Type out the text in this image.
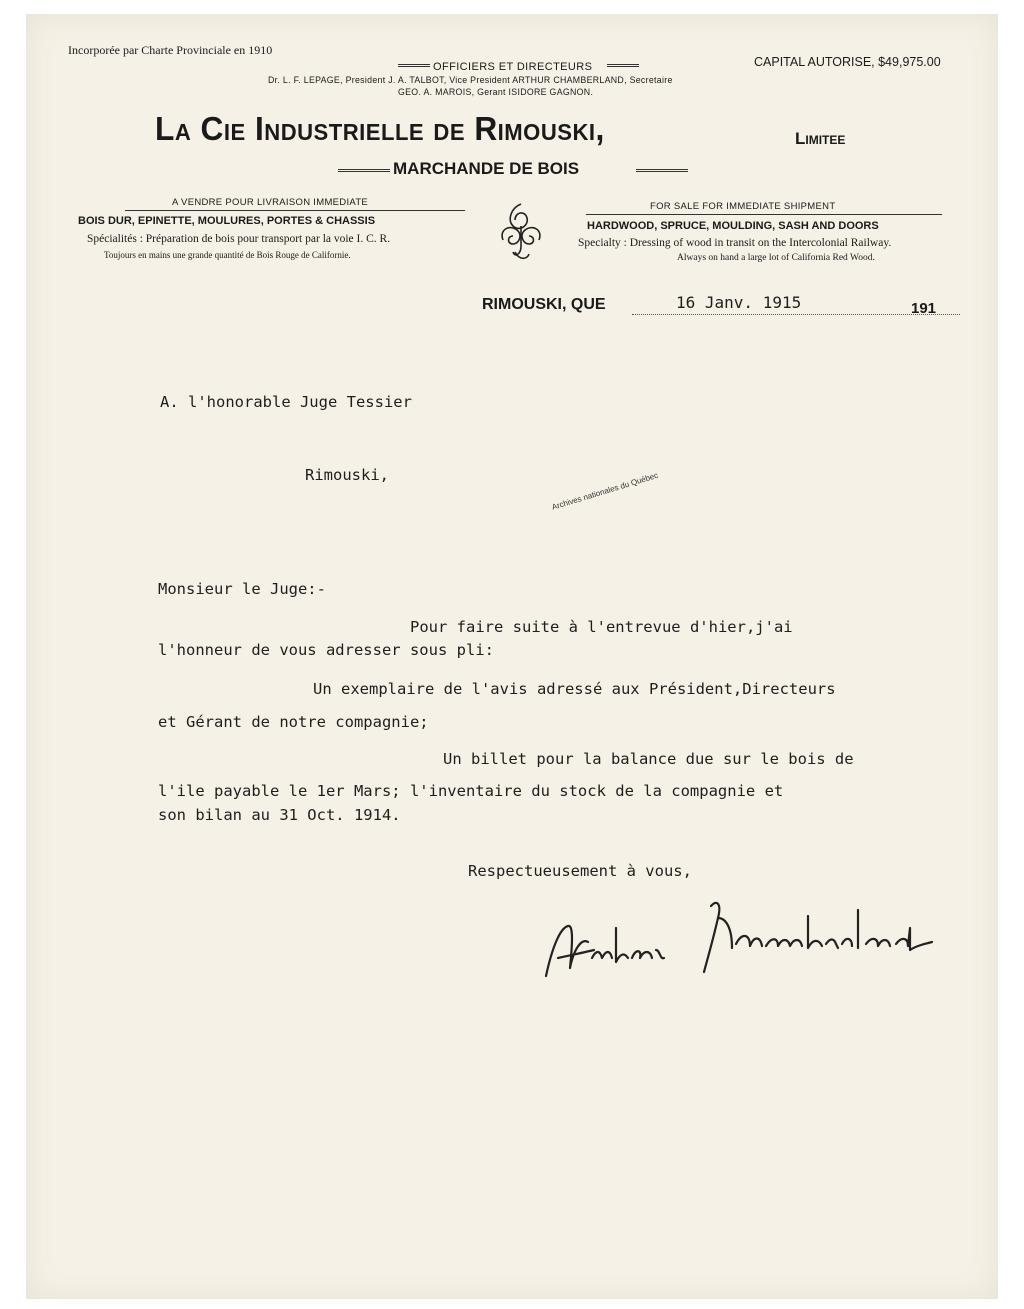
Incorporée par Charte Provinciale en 1910
CAPITAL AUTORISE, $49,975.00
OFFICIERS ET DIRECTEURS
Dr. L. F. LEPAGE, President J. A. TALBOT, Vice President ARTHUR CHAMBERLAND, Secretaire
GEO. A. MAROIS, Gerant ISIDORE GAGNON.
La Cie Industrielle de Rimouski,	Limitee
MARCHANDE DE BOIS
A VENDRE POUR LIVRAISON IMMEDIATE
BOIS DUR, EPINETTE, MOULURES, PORTES & CHASSIS
Spécialités : Préparation de bois pour transport par la voie I. C. R.
Toujours en mains une grande quantité de Bois Rouge de Californie.
FOR SALE FOR IMMEDIATE SHIPMENT
HARDWOOD, SPRUCE, MOULDING, SASH AND DOORS
Specialty : Dressing of wood in transit on the Intercolonial Railway.
Always on hand a large lot of California Red Wood.
RIMOUSKI, QUE	16 Janv. 1915	191
A. l'honorable Juge Tessier
Rimouski,	Archives nationales du Québec
Monsieur le Juge:-
Pour faire suite à l'entrevue d'hier,j'ai
l'honneur de vous adresser sous pli:
Un exemplaire de l'avis adressé aux Président,Directeurs
et Gérant de notre compagnie;
Un billet pour la balance due sur le bois de
l'ile payable le 1er Mars; l'inventaire du stock de la compagnie et
son bilan au 31 Oct. 1914.
Respectueusement à vous,
